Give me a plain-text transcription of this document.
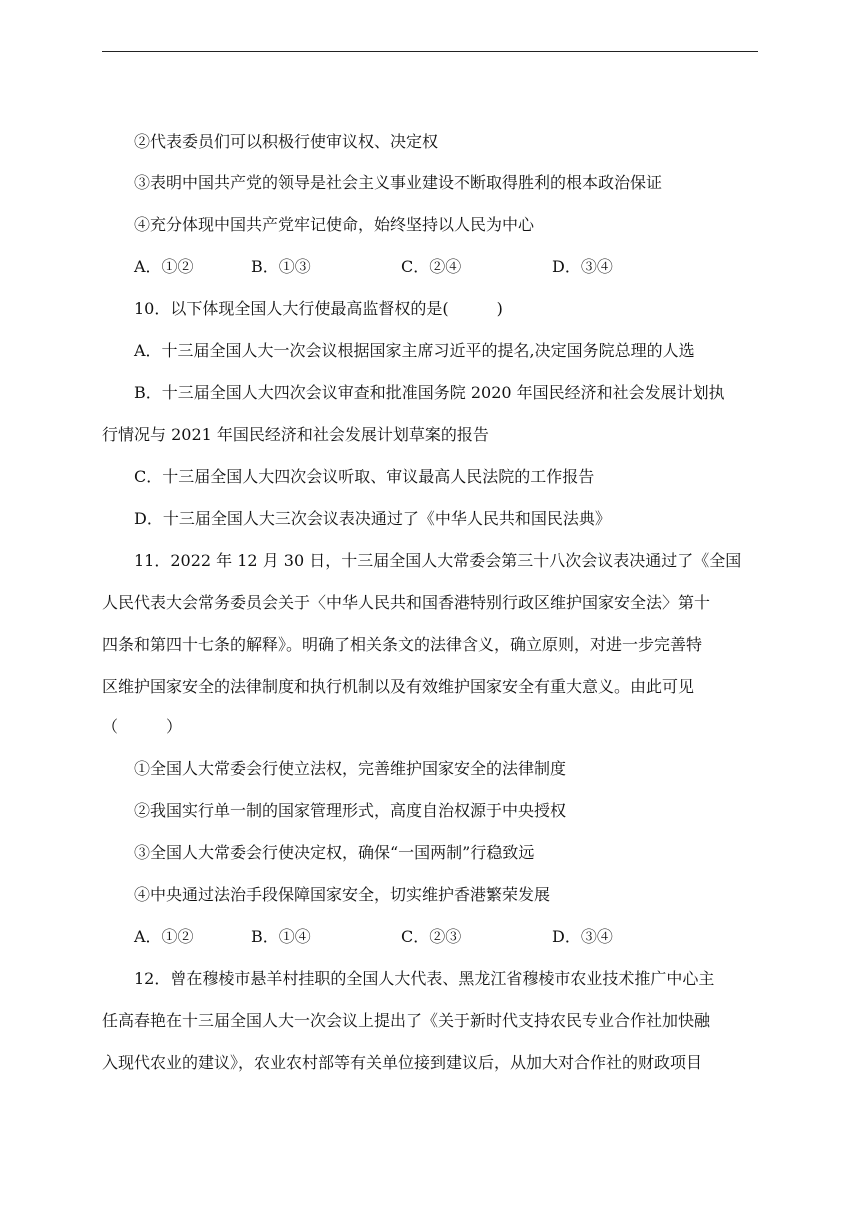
②代表委员们可以积极行使审议权、决定权
③表明中国共产党的领导是社会主义事业建设不断取得胜利的根本政治保证
④充分体现中国共产党牢记使命，始终坚持以人民为中心
A．①②	B．①③	C．②④	D．③④
10．以下体现全国人大行使最高监督权的是(　　　)
A．十三届全国人大一次会议根据国家主席习近平的提名,决定国务院总理的人选
B．十三届全国人大四次会议审查和批准国务院 2020 年国民经济和社会发展计划执
行情况与 2021 年国民经济和社会发展计划草案的报告
C．十三届全国人大四次会议听取、审议最高人民法院的工作报告
D．十三届全国人大三次会议表决通过了《中华人民共和国民法典》
11．2022 年 12 月 30 日，十三届全国人大常委会第三十八次会议表决通过了《全国
人民代表大会常务委员会关于〈中华人民共和国香港特别行政区维护国家安全法〉第十
四条和第四十七条的解释》。明确了相关条文的法律含义，确立原则，对进一步完善特
区维护国家安全的法律制度和执行机制以及有效维护国家安全有重大意义。由此可见
（　　　）
①全国人大常委会行使立法权，完善维护国家安全的法律制度
②我国实行单一制的国家管理形式，高度自治权源于中央授权
③全国人大常委会行使决定权，确保“一国两制”行稳致远
④中央通过法治手段保障国家安全，切实维护香港繁荣发展
A．①②	B．①④	C．②③	D．③④
12．曾在穆棱市悬羊村挂职的全国人大代表、黑龙江省穆棱市农业技术推广中心主
任高春艳在十三届全国人大一次会议上提出了《关于新时代支持农民专业合作社加快融
入现代农业的建议》，农业农村部等有关单位接到建议后，从加大对合作社的财政项目
